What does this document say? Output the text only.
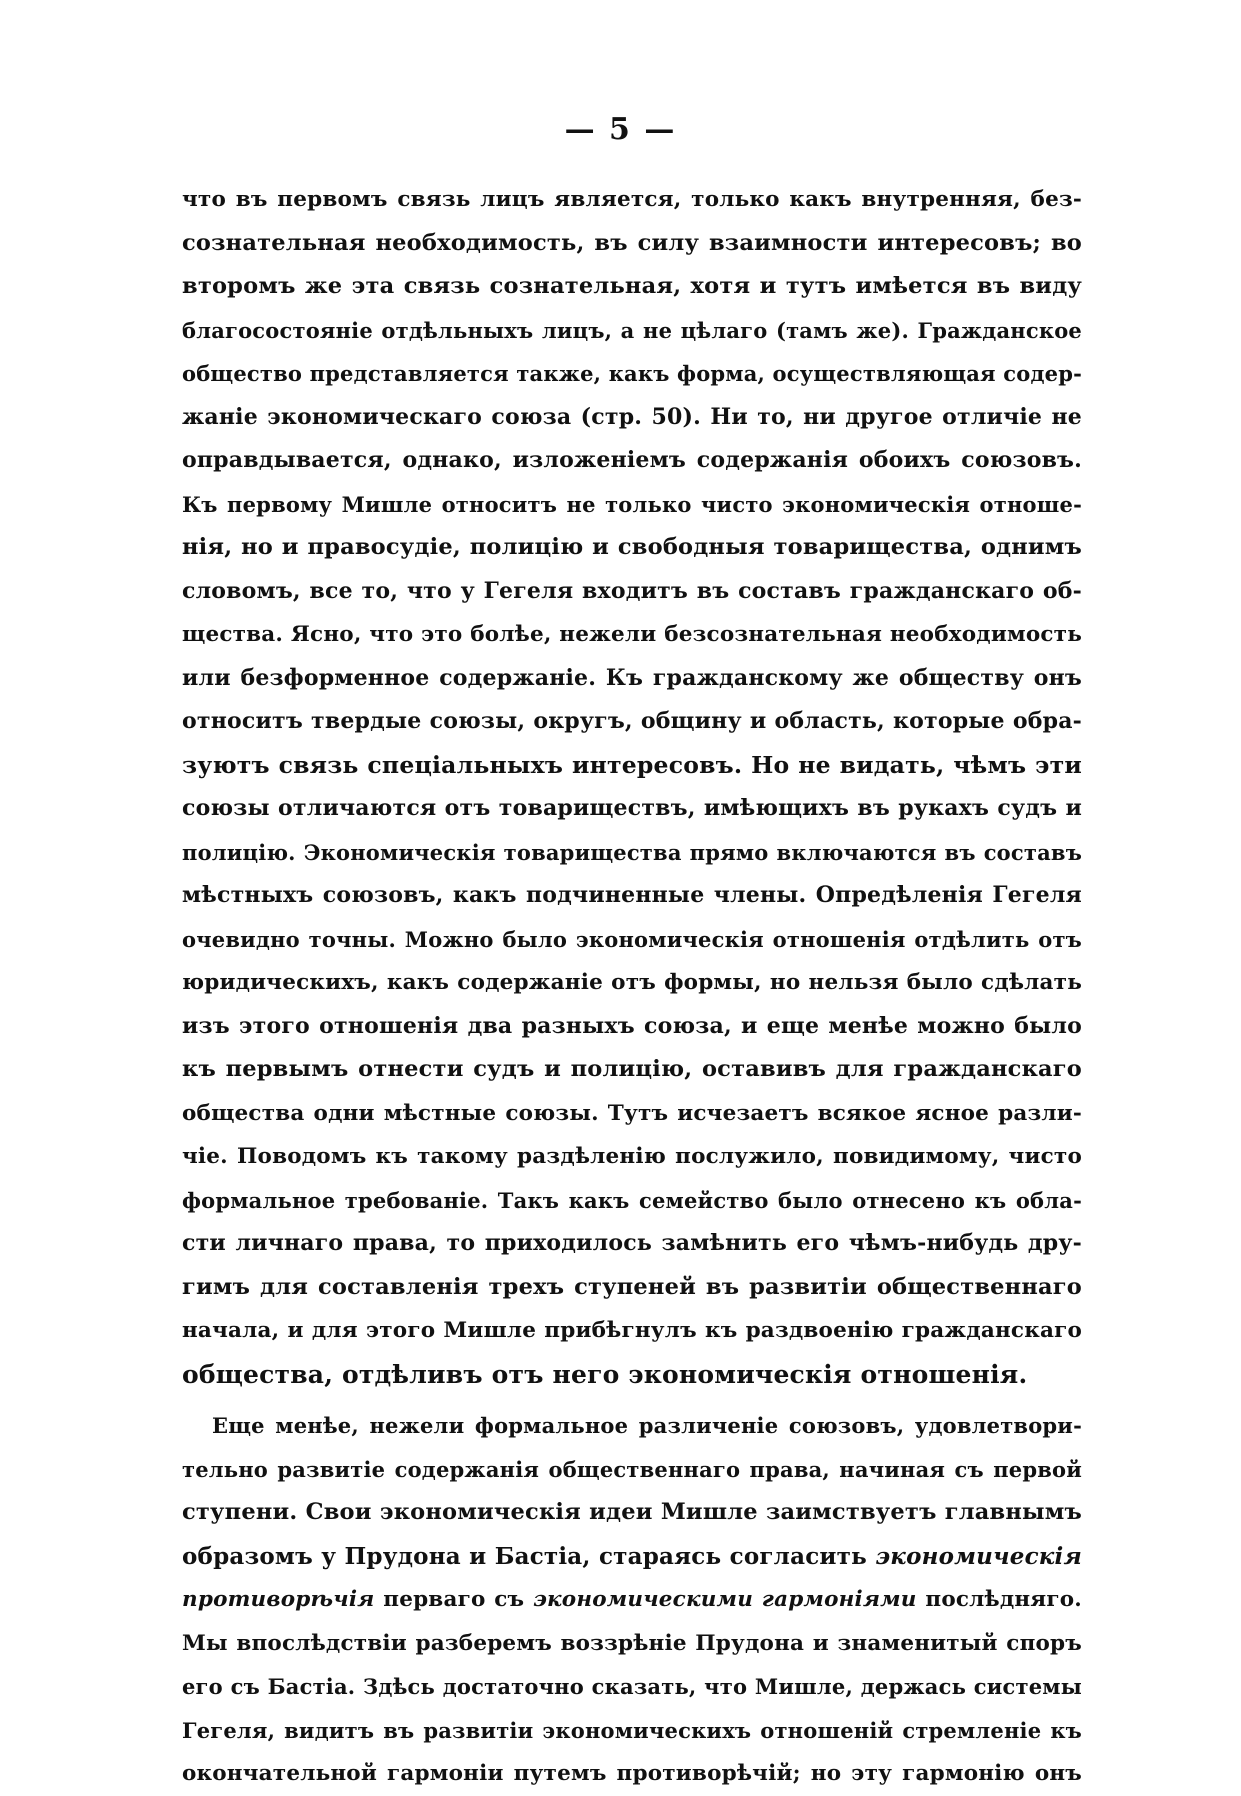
— 5 —
что въ первомъ связь лицъ является, только какъ внутренняя, без-
сознательная необходимость, въ силу взаимности интересовъ; во
второмъ же эта связь сознательная, хотя и тутъ имѣется въ виду
благосостояніе отдѣльныхъ лицъ, а не цѣлаго (тамъ же). Гражданское
общество представляется также, какъ форма, осуществляющая содер-
жаніе экономическаго союза (стр. 50). Ни то, ни другое отличіе не
оправдывается, однако, изложеніемъ содержанія обоихъ союзовъ.
Къ первому Мишле относитъ не только чисто экономическія отноше-
нія, но и правосудіе, полицію и свободныя товарищества, однимъ
словомъ, все то, что у Гегеля входитъ въ составъ гражданскаго об-
щества. Ясно, что это болѣе, нежели безсознательная необходимость
или безформенное содержаніе. Къ гражданскому же обществу онъ
относитъ твердые союзы, округъ, общину и область, которые обра-
зуютъ связь спеціальныхъ интересовъ. Но не видать, чѣмъ эти
союзы отличаются отъ товариществъ, имѣющихъ въ рукахъ судъ и
полицію. Экономическія товарищества прямо включаются въ составъ
мѣстныхъ союзовъ, какъ подчиненные члены. Опредѣленія Гегеля
очевидно точны. Можно было экономическія отношенія отдѣлить отъ
юридическихъ, какъ содержаніе отъ формы, но нельзя было сдѣлать
изъ этого отношенія два разныхъ союза, и еще менѣе можно было
къ первымъ отнести судъ и полицію, оставивъ для гражданскаго
общества одни мѣстные союзы. Тутъ исчезаетъ всякое ясное разли-
чіе. Поводомъ къ такому раздѣленію послужило, повидимому, чисто
формальное требованіе. Такъ какъ семейство было отнесено къ обла-
сти личнаго права, то приходилось замѣнить его чѣмъ-нибудь дру-
гимъ для составленія трехъ ступеней въ развитіи общественнаго
начала, и для этого Мишле прибѣгнулъ къ раздвоенію гражданскаго
общества, отдѣливъ отъ него экономическія отношенія.
Еще менѣе, нежели формальное различеніе союзовъ, удовлетвори-
тельно развитіе содержанія общественнаго права, начиная съ первой
ступени. Свои экономическія идеи Мишле заимствуетъ главнымъ
образомъ у Прудона и Бастіа, стараясь согласить экономическія
противорѣчія перваго съ экономическими гармоніями послѣдняго.
Мы впослѣдствіи разберемъ воззрѣніе Прудона и знаменитый споръ
его съ Бастіа. Здѣсь достаточно сказать, что Мишле, держась системы
Гегеля, видитъ въ развитіи экономическихъ отношеній стремленіе къ
окончательной гармоніи путемъ противорѣчій; но эту гармонію онъ
